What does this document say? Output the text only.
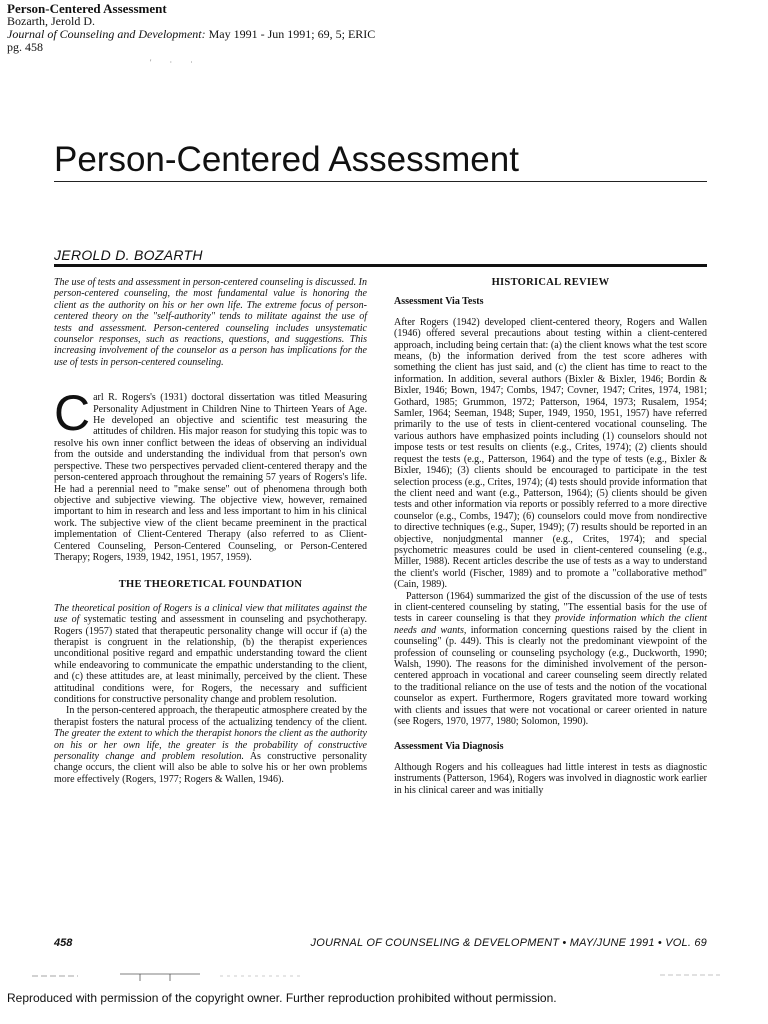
Person-Centered Assessment
Bozarth, Jerold D.
Journal of Counseling and Development: May 1991 - Jun 1991; 69, 5; ERIC
pg. 458
' · ·
Person-Centered Assessment
JEROLD D. BOZARTH

The use of tests and assessment in person-centered counseling is discussed. In person-centered counseling, the most fundamental value is honoring the client as the authority on his or her own life. The extreme focus of person-centered theory on the "self-authority" tends to militate against the use of tests and assessment. Person-centered counseling includes unsystematic counselor responses, such as reactions, questions, and suggestions. This increasing involvement of the counselor as a person has implications for the use of tests in person-centered counseling.

Carl R. Rogers's (1931) doctoral dissertation was titled Measuring Personality Adjustment in Children Nine to Thirteen Years of Age. He developed an objective and scientific test measuring the attitudes of children. His major reason for studying this topic was to resolve his own inner conflict between the ideas of observing an individual from the outside and understanding the individual from that person's own perspective. These two perspectives pervaded client-centered therapy and the person-centered approach throughout the remaining 57 years of Rogers's life. He had a perennial need to "make sense" out of phenomena through both objective and subjective viewing. The objective view, however, remained important to him in research and less and less important to him in his clinical work. The subjective view of the client became preeminent in the practical implementation of Client-Centered Therapy (also referred to as Client-Centered Counseling, Person-Centered Counseling, or Person-Centered Therapy; Rogers, 1939, 1942, 1951, 1957, 1959).

THE THEORETICAL FOUNDATION

The theoretical position of Rogers is a clinical view that militates against the use of systematic testing and assessment in counseling and psychotherapy. Rogers (1957) stated that therapeutic personality change will occur if (a) the therapist is congruent in the relationship, (b) the therapist experiences unconditional positive regard and empathic understanding toward the client while endeavoring to communicate the empathic understanding to the client, and (c) these attitudes are, at least minimally, perceived by the client. These attitudinal conditions were, for Rogers, the necessary and sufficient conditions for constructive personality change and problem resolution.

In the person-centered approach, the therapeutic atmosphere created by the therapist fosters the natural process of the actualizing tendency of the client. The greater the extent to which the therapist honors the client as the authority on his or her own life, the greater is the probability of constructive personality change and problem resolution. As constructive personality change occurs, the client will also be able to solve his or her own problems more effectively (Rogers, 1977; Rogers & Wallen, 1946).

HISTORICAL REVIEW

Assessment Via Tests

After Rogers (1942) developed client-centered theory, Rogers and Wallen (1946) offered several precautions about testing within a client-centered approach, including being certain that: (a) the client knows what the test score means, (b) the information derived from the test score adheres with something the client has just said, and (c) the client has time to react to the information. In addition, several authors (Bixler & Bixler, 1946; Bordin & Bixler, 1946; Bown, 1947; Combs, 1947; Covner, 1947; Crites, 1974, 1981; Gothard, 1985; Grummon, 1972; Patterson, 1964, 1973; Rusalem, 1954; Samler, 1964; Seeman, 1948; Super, 1949, 1950, 1951, 1957) have referred primarily to the use of tests in client-centered vocational counseling. The various authors have emphasized points including (1) counselors should not impose tests or test results on clients (e.g., Crites, 1974); (2) clients should request the tests (e.g., Patterson, 1964) and the type of tests (e.g., Bixler & Bixler, 1946); (3) clients should be encouraged to participate in the test selection process (e.g., Crites, 1974); (4) tests should provide information that the client need and want (e.g., Patterson, 1964); (5) clients should be given tests and other information via reports or possibly referred to a more directive counselor (e.g., Combs, 1947); (6) counselors could move from nondirective to directive techniques (e.g., Super, 1949); (7) results should be reported in an objective, nonjudgmental manner (e.g., Crites, 1974); and special psychometric measures could be used in client-centered counseling (e.g., Miller, 1988). Recent articles describe the use of tests as a way to understand the client's world (Fischer, 1989) and to promote a "collaborative method" (Cain, 1989).

Patterson (1964) summarized the gist of the discussion of the use of tests in client-centered counseling by stating, "The essential basis for the use of tests in career counseling is that they provide information which the client needs and wants, information concerning questions raised by the client in counseling" (p. 449). This is clearly not the predominant viewpoint of the profession of counseling or counseling psychology (e.g., Duckworth, 1990; Walsh, 1990). The reasons for the diminished involvement of the person-centered approach in vocational and career counseling seem directly related to the traditional reliance on the use of tests and the notion of the vocational counselor as expert. Furthermore, Rogers gravitated more toward working with clients and issues that were not vocational or career oriented in nature (see Rogers, 1970, 1977, 1980; Solomon, 1990).

Assessment Via Diagnosis

Although Rogers and his colleagues had little interest in tests as diagnostic instruments (Patterson, 1964), Rogers was involved in diagnostic work earlier in his clinical career and was initially

458	JOURNAL OF COUNSELING & DEVELOPMENT • MAY/JUNE 1991 • VOL. 69
Reproduced with permission of the copyright owner. Further reproduction prohibited without permission.
